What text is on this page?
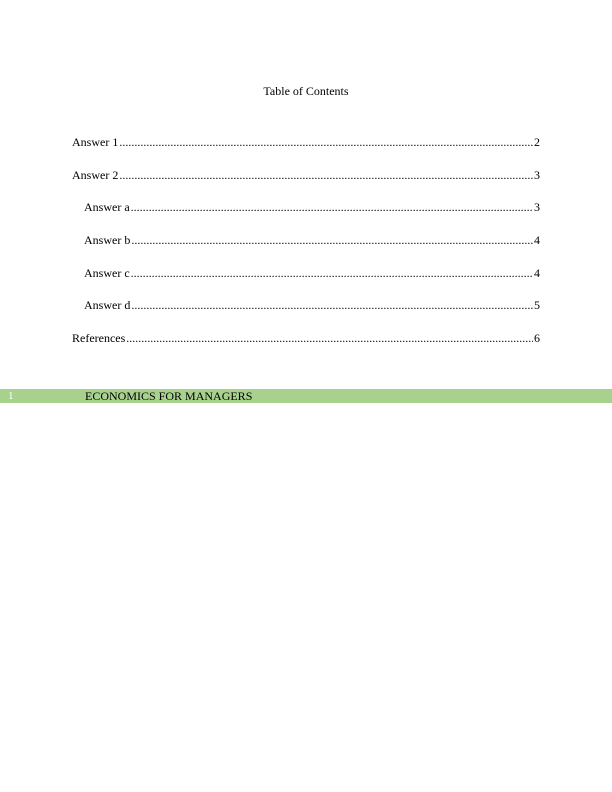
Table of Contents
Answer 1 .....	2
Answer 2 .....	3
Answer a .....	3
Answer b .....	4
Answer c .....	4
Answer d .....	5
References .....	6
1	ECONOMICS FOR MANAGERS
